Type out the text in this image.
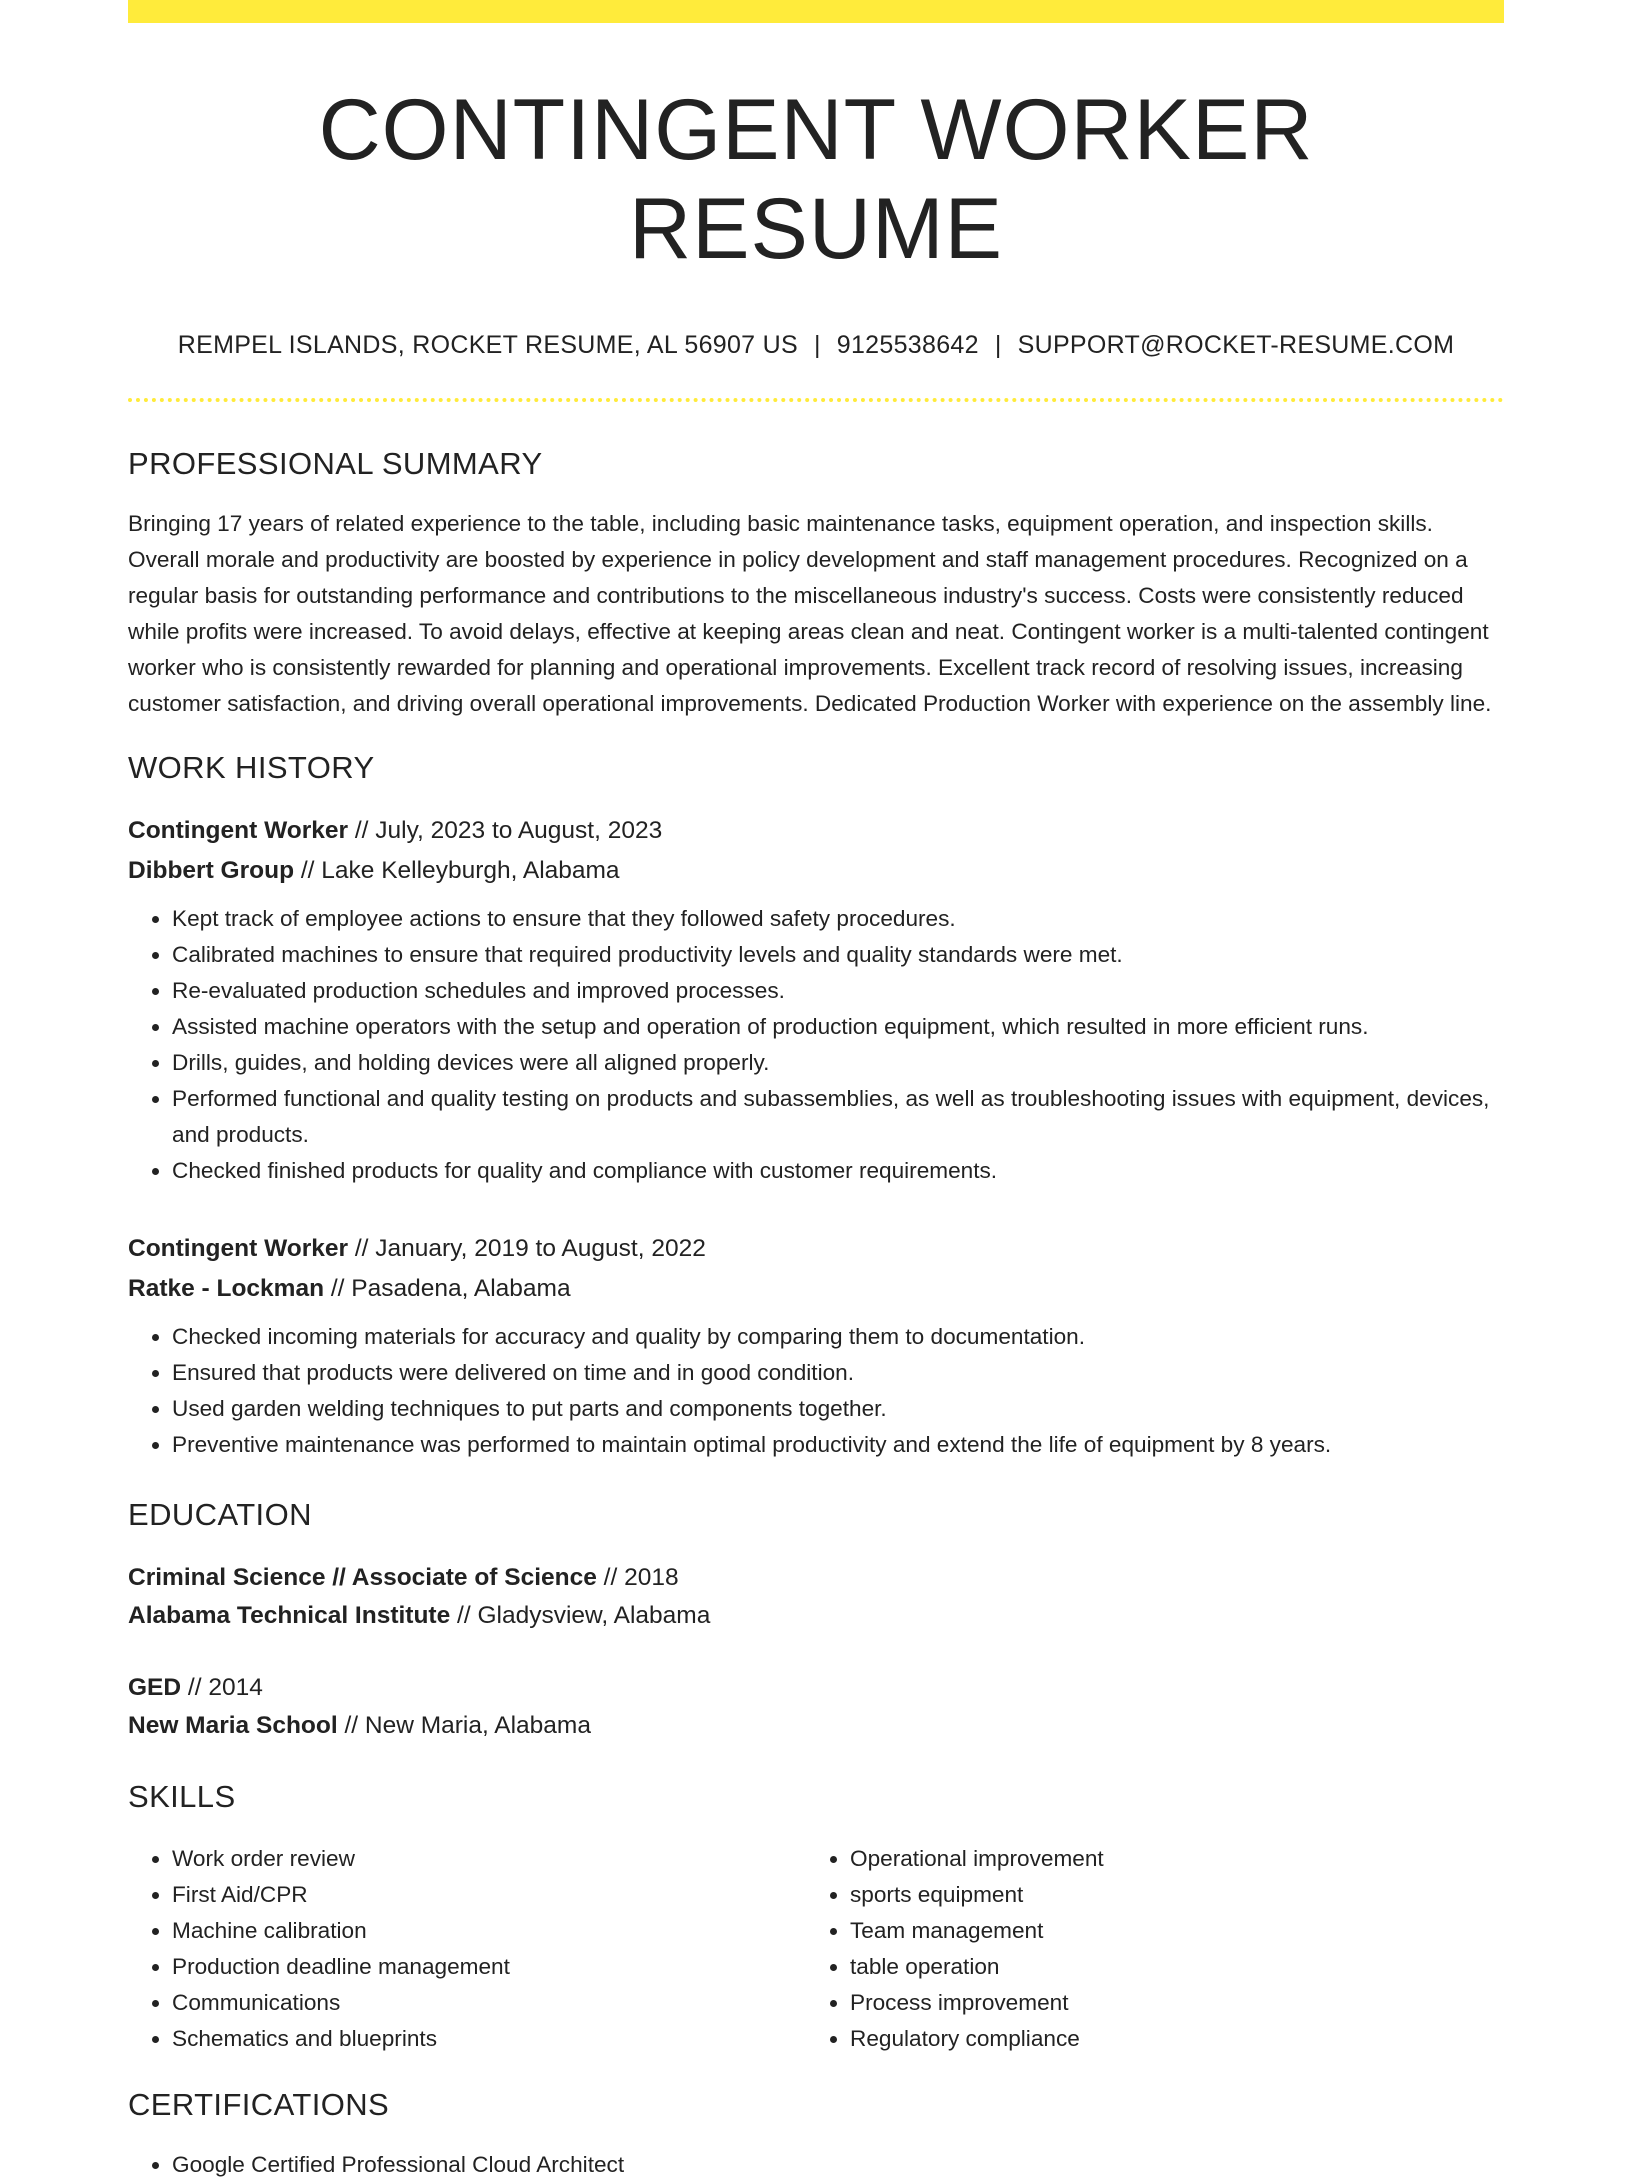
CONTINGENT WORKER RESUME
REMPEL ISLANDS, ROCKET RESUME, AL 56907 US | 9125538642 | SUPPORT@ROCKET-RESUME.COM
PROFESSIONAL SUMMARY

Bringing 17 years of related experience to the table, including basic maintenance tasks, equipment operation, and inspection skills. Overall morale and productivity are boosted by experience in policy development and staff management procedures. Recognized on a regular basis for outstanding performance and contributions to the miscellaneous industry's success. Costs were consistently reduced while profits were increased. To avoid delays, effective at keeping areas clean and neat. Contingent worker is a multi-talented contingent worker who is consistently rewarded for planning and operational improvements. Excellent track record of resolving issues, increasing customer satisfaction, and driving overall operational improvements. Dedicated Production Worker with experience on the assembly line.

WORK HISTORY
Contingent Worker // July, 2023 to August, 2023
Dibbert Group // Lake Kelleyburgh, Alabama
• Kept track of employee actions to ensure that they followed safety procedures.
• Calibrated machines to ensure that required productivity levels and quality standards were met.
• Re-evaluated production schedules and improved processes.
• Assisted machine operators with the setup and operation of production equipment, which resulted in more efficient runs.
• Drills, guides, and holding devices were all aligned properly.
• Performed functional and quality testing on products and subassemblies, as well as troubleshooting issues with equipment, devices, and products.
• Checked finished products for quality and compliance with customer requirements.
Contingent Worker // January, 2019 to August, 2022
Ratke - Lockman // Pasadena, Alabama
• Checked incoming materials for accuracy and quality by comparing them to documentation.
• Ensured that products were delivered on time and in good condition.
• Used garden welding techniques to put parts and components together.
• Preventive maintenance was performed to maintain optimal productivity and extend the life of equipment by 8 years.
EDUCATION
Criminal Science // Associate of Science // 2018
Alabama Technical Institute // Gladysview, Alabama
GED // 2014
New Maria School // New Maria, Alabama
SKILLS
• Work order review
• First Aid/CPR
• Machine calibration
• Production deadline management
• Communications
• Schematics and blueprints
• Operational improvement
• sports equipment
• Team management
• table operation
• Process improvement
• Regulatory compliance
CERTIFICATIONS
• Google Certified Professional Cloud Architect
